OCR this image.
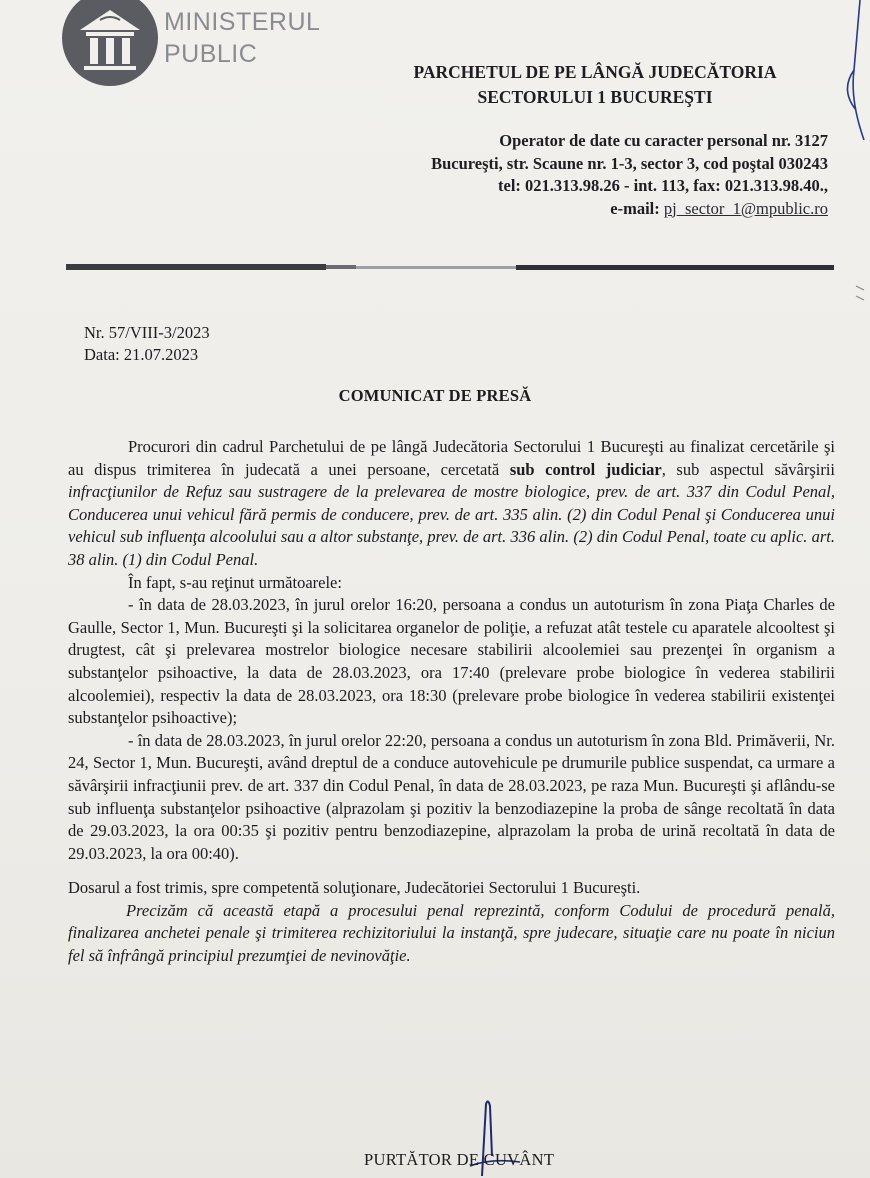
MINISTERUL
PUBLIC
PARCHETUL DE PE LÂNGĂ JUDECĂTORIA
SECTORULUI 1 BUCUREŞTI
Operator de date cu caracter personal nr. 3127
Bucureşti, str. Scaune nr. 1-3, sector 3, cod poştal 030243
tel: 021.313.98.26 - int. 113, fax: 021.313.98.40.,
e-mail: pj_sector_1@mpublic.ro
Nr. 57/VIII-3/2023
Data: 21.07.2023
COMUNICAT DE PRESĂ

Procurori din cadrul Parchetului de pe lângă Judecătoria Sectorului 1 Bucureşti au finalizat cercetările şi au dispus trimiterea în judecată a unei persoane, cercetată sub control judiciar, sub aspectul săvârşirii infracţiunilor de Refuz sau sustragere de la prelevarea de mostre biologice, prev. de art. 337 din Codul Penal, Conducerea unui vehicul fără permis de conducere, prev. de art. 335 alin. (2) din Codul Penal şi Conducerea unui vehicul sub influenţa alcoolului sau a altor substanţe, prev. de art. 336 alin. (2) din Codul Penal, toate cu aplic. art. 38 alin. (1) din Codul Penal.

În fapt, s-au reţinut următoarele:

- în data de 28.03.2023, în jurul orelor 16:20, persoana a condus un autoturism în zona Piaţa Charles de Gaulle, Sector 1, Mun. Bucureşti şi la solicitarea organelor de poliţie, a refuzat atât testele cu aparatele alcooltest şi drugtest, cât şi prelevarea mostrelor biologice necesare stabilirii alcoolemiei sau prezenţei în organism a substanţelor psihoactive, la data de 28.03.2023, ora 17:40 (prelevare probe biologice în vederea stabilirii alcoolemiei), respectiv la data de 28.03.2023, ora 18:30 (prelevare probe biologice în vederea stabilirii existenţei substanţelor psihoactive);

- în data de 28.03.2023, în jurul orelor 22:20, persoana a condus un autoturism în zona Bld. Primăverii, Nr. 24, Sector 1, Mun. Bucureşti, având dreptul de a conduce autovehicule pe drumurile publice suspendat, ca urmare a săvârşirii infracţiunii prev. de art. 337 din Codul Penal, în data de 28.03.2023, pe raza Mun. Bucureşti şi aflându-se sub influenţa substanţelor psihoactive (alprazolam şi pozitiv la benzodiazepine la proba de sânge recoltată în data de 29.03.2023, la ora 00:35 şi pozitiv pentru benzodiazepine, alprazolam la proba de urină recoltată în data de 29.03.2023, la ora 00:40).

Dosarul a fost trimis, spre competentă soluţionare, Judecătoriei Sectorului 1 Bucureşti.

Precizăm că această etapă a procesului penal reprezintă, conform Codului de procedură penală, finalizarea anchetei penale şi trimiterea rechizitoriului la instanţă, spre judecare, situaţie care nu poate în niciun fel să înfrângă principiul prezumţiei de nevinovăţie.

PURTĂTOR DE CUVÂNT
